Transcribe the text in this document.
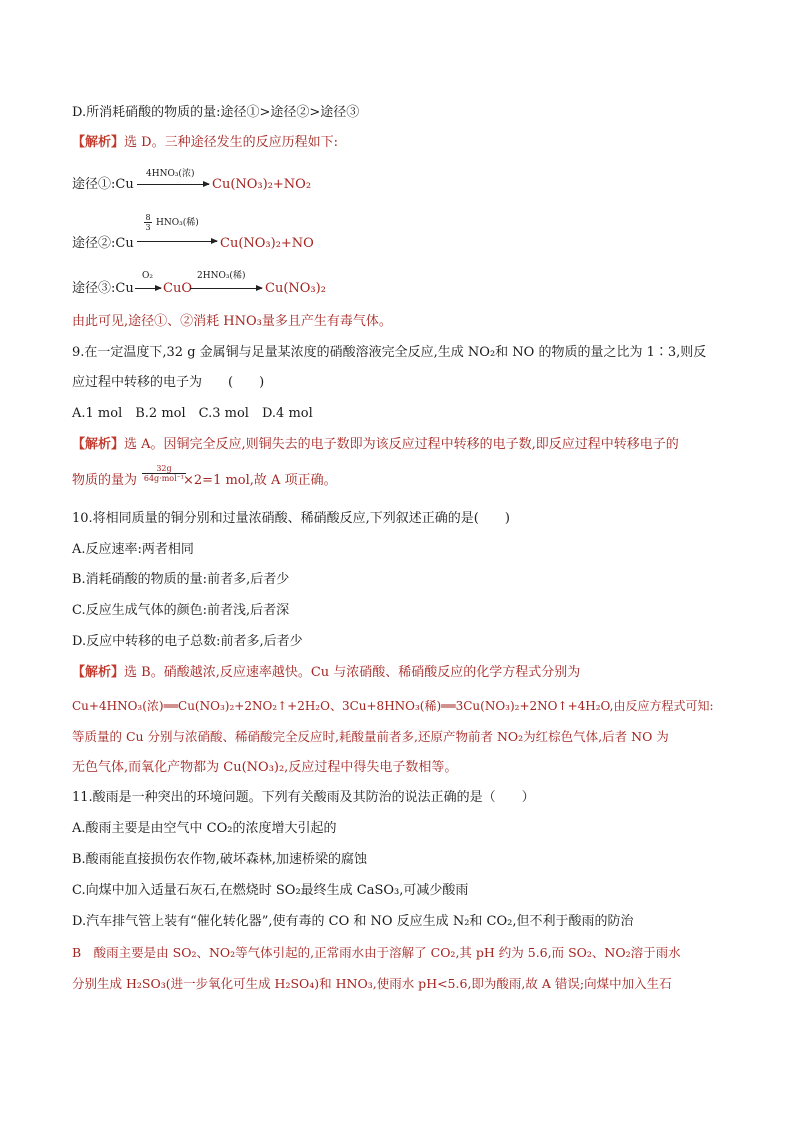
D.所消耗硝酸的物质的量:途径①>途径②>途径③
【解析】选 D。三种途径发生的反应历程如下:
途径①:Cu
4HNO₃(浓)
Cu(NO₃)₂+NO₂
途径②:Cu
$\frac{8}{3} HNO_3$(稀)
Cu(NO₃)₂+NO
途径③:Cu
O₂
→ CuO
2HNO₃(稀)
Cu(NO₃)₂
由此可见,途径①、②消耗 HNO₃量多且产生有毒气体。
9.在一定温度下,32 g 金属铜与足量某浓度的硝酸溶液完全反应,生成 NO₂和 NO 的物质的量之比为 1∶3,则反
应过程中转移的电子为　　(　　)
A.1 mol　B.2 mol　C.3 mol　D.4 mol
【解析】选 A。因铜完全反应,则铜失去的电子数即为该反应过程中转移的电子数,即反应过程中转移电子的
物质的量为	×2=1 mol,故 A 项正确。
32g
64g·mol⁻¹
10.将相同质量的铜分别和过量浓硝酸、稀硝酸反应,下列叙述正确的是(　　)
A.反应速率:两者相同
B.消耗硝酸的物质的量:前者多,后者少
C.反应生成气体的颜色:前者浅,后者深
D.反应中转移的电子总数:前者多,后者少
【解析】选 B。硝酸越浓,反应速率越快。Cu 与浓硝酸、稀硝酸反应的化学方程式分别为
Cu+4HNO₃(浓)══Cu(NO₃)₂+2NO₂↑+2H₂O、3Cu+8HNO₃(稀)══3Cu(NO₃)₂+2NO↑+4H₂O,由反应方程式可知:
等质量的 Cu 分别与浓硝酸、稀硝酸完全反应时,耗酸量前者多,还原产物前者 NO₂为红棕色气体,后者 NO 为
无色气体,而氧化产物都为 Cu(NO₃)₂,反应过程中得失电子数相等。
11.酸雨是一种突出的环境问题。下列有关酸雨及其防治的说法正确的是（　　）
A.酸雨主要是由空气中 CO₂的浓度增大引起的
B.酸雨能直接损伤农作物,破坏森林,加速桥梁的腐蚀
C.向煤中加入适量石灰石,在燃烧时 SO₂最终生成 CaSO₃,可减少酸雨
D.汽车排气管上装有“催化转化器”,使有毒的 CO 和 NO 反应生成 N₂和 CO₂,但不利于酸雨的防治
B　酸雨主要是由 SO₂、NO₂等气体引起的,正常雨水由于溶解了 CO₂,其 pH 约为 5.6,而 SO₂、NO₂溶于雨水
分别生成 H₂SO₃(进一步氧化可生成 H₂SO₄)和 HNO₃,使雨水 pH<5.6,即为酸雨,故 A 错误;向煤中加入生石
